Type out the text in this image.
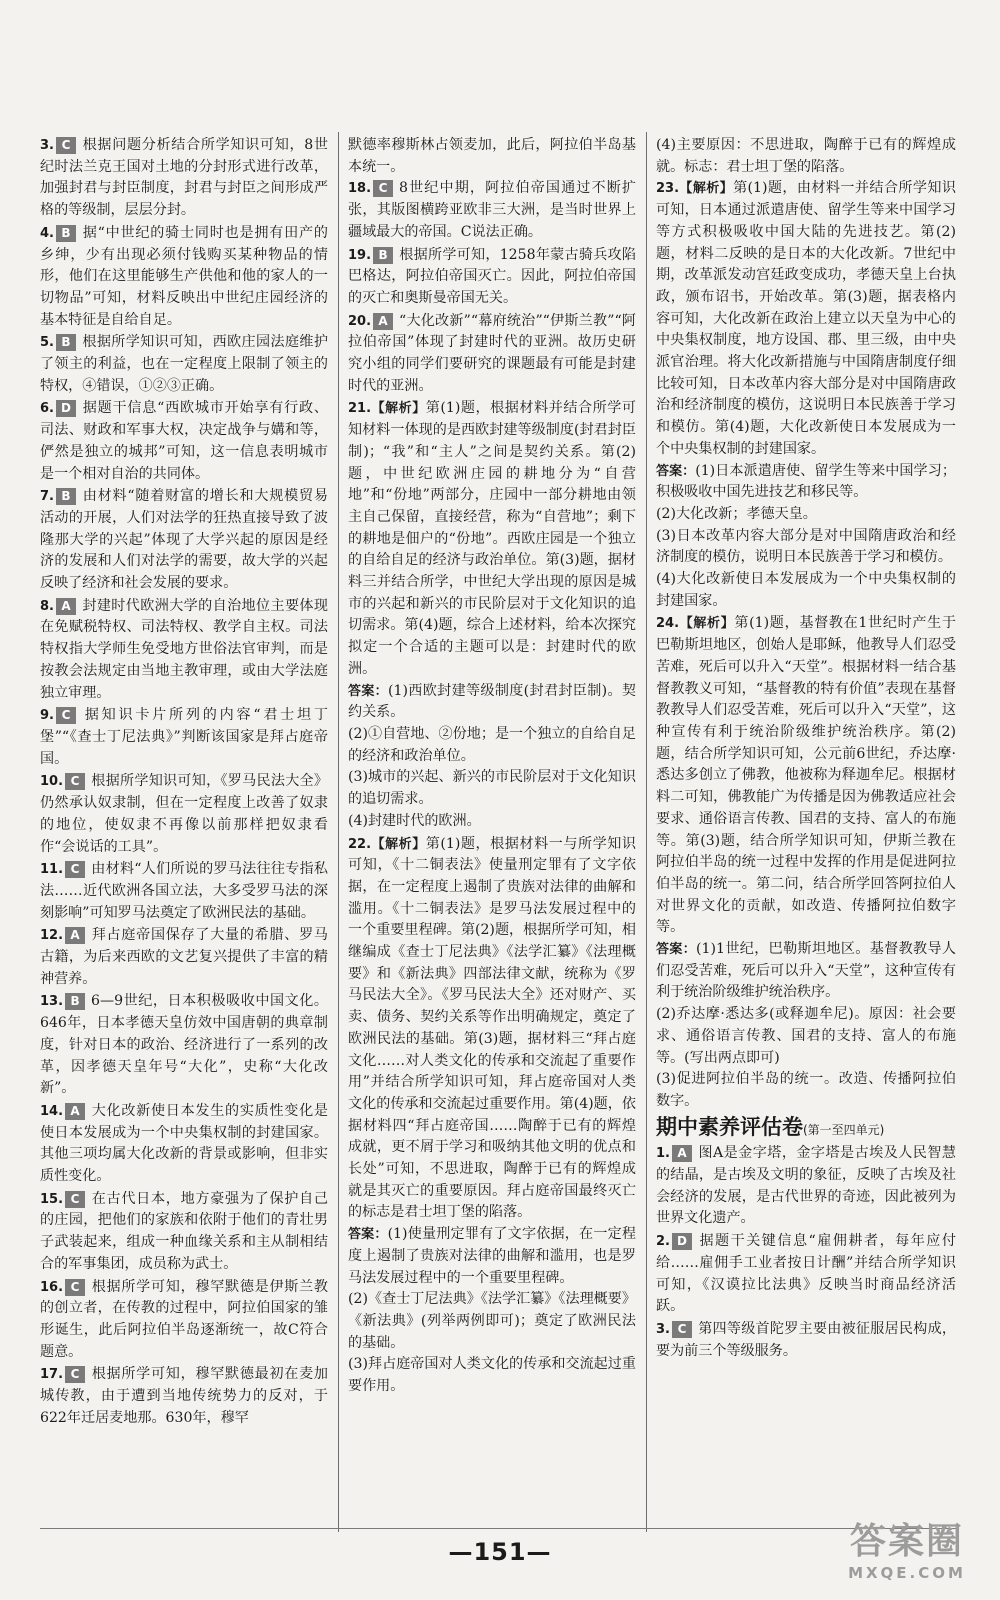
3. C 根据问题分析结合所学知识可知，8世纪时法兰克王国对土地的分封形式进行改革，加强封君与封臣制度，封君与封臣之间形成严格的等级制，层层分封。

4. B 据“中世纪的骑士同时也是拥有田产的乡绅，少有出现必须付钱购买某种物品的情形，他们在这里能够生产供他和他的家人的一切物品”可知，材料反映出中世纪庄园经济的基本特征是自给自足。

5. B 根据所学知识可知，西欧庄园法庭维护了领主的利益，也在一定程度上限制了领主的特权，④错误，①②③正确。

6. D 据题干信息“西欧城市开始享有行政、司法、财政和军事大权，决定战争与媾和等，俨然是独立的城邦”可知，这一信息表明城市是一个相对自治的共同体。

7. B 由材料“随着财富的增长和大规模贸易活动的开展，人们对法学的狂热直接导致了波隆那大学的兴起”体现了大学兴起的原因是经济的发展和人们对法学的需要，故大学的兴起反映了经济和社会发展的要求。

8. A 封建时代欧洲大学的自治地位主要体现在免赋税特权、司法特权、教学自主权。司法特权指大学师生免受地方世俗法官审判，而是按教会法规定由当地主教审理，或由大学法庭独立审理。

9. C 据知识卡片所列的内容“君士坦丁堡”“《查士丁尼法典》”判断该国家是拜占庭帝国。

10. C 根据所学知识可知，《罗马民法大全》仍然承认奴隶制，但在一定程度上改善了奴隶的地位，使奴隶不再像以前那样把奴隶看作“会说话的工具”。

11. C 由材料“人们所说的罗马法往往专指私法……近代欧洲各国立法，大多受罗马法的深刻影响”可知罗马法奠定了欧洲民法的基础。

12. A 拜占庭帝国保存了大量的希腊、罗马古籍，为后来西欧的文艺复兴提供了丰富的精神营养。

13. B 6—9世纪，日本积极吸收中国文化。646年，日本孝德天皇仿效中国唐朝的典章制度，针对日本的政治、经济进行了一系列的改革，因孝德天皇年号“大化”，史称“大化改新”。

14. A 大化改新使日本发生的实质性变化是使日本发展成为一个中央集权制的封建国家。其他三项均属大化改新的背景或影响，但非实质性变化。

15. C 在古代日本，地方豪强为了保护自己的庄园，把他们的家族和依附于他们的青壮男子武装起来，组成一种血缘关系和主从制相结合的军事集团，成员称为武士。

16. C 根据所学可知，穆罕默德是伊斯兰教的创立者，在传教的过程中，阿拉伯国家的雏形诞生，此后阿拉伯半岛逐渐统一，故C符合题意。

17. C 根据所学可知，穆罕默德最初在麦加城传教，由于遭到当地传统势力的反对，于622年迁居麦地那。630年，穆罕

默德率穆斯林占领麦加，此后，阿拉伯半岛基本统一。

18. C 8世纪中期，阿拉伯帝国通过不断扩张，其版图横跨亚欧非三大洲，是当时世界上疆域最大的帝国。C说法正确。

19. B 根据所学可知，1258年蒙古骑兵攻陷巴格达，阿拉伯帝国灭亡。因此，阿拉伯帝国的灭亡和奥斯曼帝国无关。

20. A “大化改新”“幕府统治”“伊斯兰教”“阿拉伯帝国”体现了封建时代的亚洲。故历史研究小组的同学们要研究的课题最有可能是封建时代的亚洲。

21.【解析】第(1)题，根据材料并结合所学可知材料一体现的是西欧封建等级制度(封君封臣制)；“我”和“主人”之间是契约关系。第(2)题，中世纪欧洲庄园的耕地分为“自营地”和“份地”两部分，庄园中一部分耕地由领主自己保留，直接经营，称为“自营地”；剩下的耕地是佃户的“份地”。西欧庄园是一个独立的自给自足的经济与政治单位。第(3)题，据材料三并结合所学，中世纪大学出现的原因是城市的兴起和新兴的市民阶层对于文化知识的追切需求。第(4)题，综合上述材料，给本次探究拟定一个合适的主题可以是：封建时代的欧洲。

答案：(1)西欧封建等级制度(封君封臣制)。契约关系。

(2)①自营地、②份地；是一个独立的自给自足的经济和政治单位。

(3)城市的兴起、新兴的市民阶层对于文化知识的追切需求。

(4)封建时代的欧洲。

22.【解析】第(1)题，根据材料一与所学知识可知，《十二铜表法》使量刑定罪有了文字依据，在一定程度上遏制了贵族对法律的曲解和滥用。《十二铜表法》是罗马法发展过程中的一个重要里程碑。第(2)题，根据所学可知，相继编成《查士丁尼法典》《法学汇纂》《法理概要》和《新法典》四部法律文献，统称为《罗马民法大全》。《罗马民法大全》还对财产、买卖、债务、契约关系等作出明确规定，奠定了欧洲民法的基础。第(3)题，据材料三“拜占庭文化……对人类文化的传承和交流起了重要作用”并结合所学知识可知，拜占庭帝国对人类文化的传承和交流起过重要作用。第(4)题，依据材料四“拜占庭帝国……陶醉于已有的辉煌成就，更不屑于学习和吸纳其他文明的优点和长处”可知，不思进取，陶醉于已有的辉煌成就是其灭亡的重要原因。拜占庭帝国最终灭亡的标志是君士坦丁堡的陷落。

答案：(1)使量刑定罪有了文字依据，在一定程度上遏制了贵族对法律的曲解和滥用，也是罗马法发展过程中的一个重要里程碑。

(2)《查士丁尼法典》《法学汇纂》《法理概要》《新法典》(列举两例即可)；奠定了欧洲民法的基础。

(3)拜占庭帝国对人类文化的传承和交流起过重要作用。

(4)主要原因：不思进取，陶醉于已有的辉煌成就。标志：君士坦丁堡的陷落。

23.【解析】第(1)题，由材料一并结合所学知识可知，日本通过派遣唐使、留学生等来中国学习等方式积极吸收中国大陆的先进技艺。第(2)题，材料二反映的是日本的大化改新。7世纪中期，改革派发动宫廷政变成功，孝德天皇上台执政，颁布诏书，开始改革。第(3)题，据表格内容可知，大化改新在政治上建立以天皇为中心的中央集权制度，地方设国、郡、里三级，由中央派官治理。将大化改新措施与中国隋唐制度仔细比较可知，日本改革内容大部分是对中国隋唐政治和经济制度的模仿，这说明日本民族善于学习和模仿。第(4)题，大化改新使日本发展成为一个中央集权制的封建国家。

答案：(1)日本派遣唐使、留学生等来中国学习；积极吸收中国先进技艺和移民等。

(2)大化改新；孝德天皇。

(3)日本改革内容大部分是对中国隋唐政治和经济制度的模仿，说明日本民族善于学习和模仿。

(4)大化改新使日本发展成为一个中央集权制的封建国家。

24.【解析】第(1)题，基督教在1世纪时产生于巴勒斯坦地区，创始人是耶稣，他教导人们忍受苦难，死后可以升入“天堂”。根据材料一结合基督教教义可知，“基督教的特有价值”表现在基督教教导人们忍受苦难，死后可以升入“天堂”，这种宣传有利于统治阶级维护统治秩序。第(2)题，结合所学知识可知，公元前6世纪，乔达摩·悉达多创立了佛教，他被称为释迦牟尼。根据材料二可知，佛教能广为传播是因为佛教适应社会要求、通俗语言传教、国君的支持、富人的布施等。第(3)题，结合所学知识可知，伊斯兰教在阿拉伯半岛的统一过程中发挥的作用是促进阿拉伯半岛的统一。第二问，结合所学回答阿拉伯人对世界文化的贡献，如改造、传播阿拉伯数字等。

答案：(1)1世纪，巴勒斯坦地区。基督教教导人们忍受苦难，死后可以升入“天堂”，这种宣传有利于统治阶级维护统治秩序。

(2)乔达摩·悉达多(或释迦牟尼)。原因：社会要求、通俗语言传教、国君的支持、富人的布施等。(写出两点即可)

(3)促进阿拉伯半岛的统一。改造、传播阿拉伯数字。

期中素养评估卷(第一至四单元)

1. A 图A是金字塔，金字塔是古埃及人民智慧的结晶，是古埃及文明的象征，反映了古埃及社会经济的发展，是古代世界的奇迹，因此被列为世界文化遗产。

2. D 据题干关键信息“雇佣耕者，每年应付给……雇佣手工业者按日计酬”并结合所学知识可知，《汉谟拉比法典》反映当时商品经济活跃。

3. C 第四等级首陀罗主要由被征服居民构成，要为前三个等级服务。

—151—	答案圈
MXQE.COM
